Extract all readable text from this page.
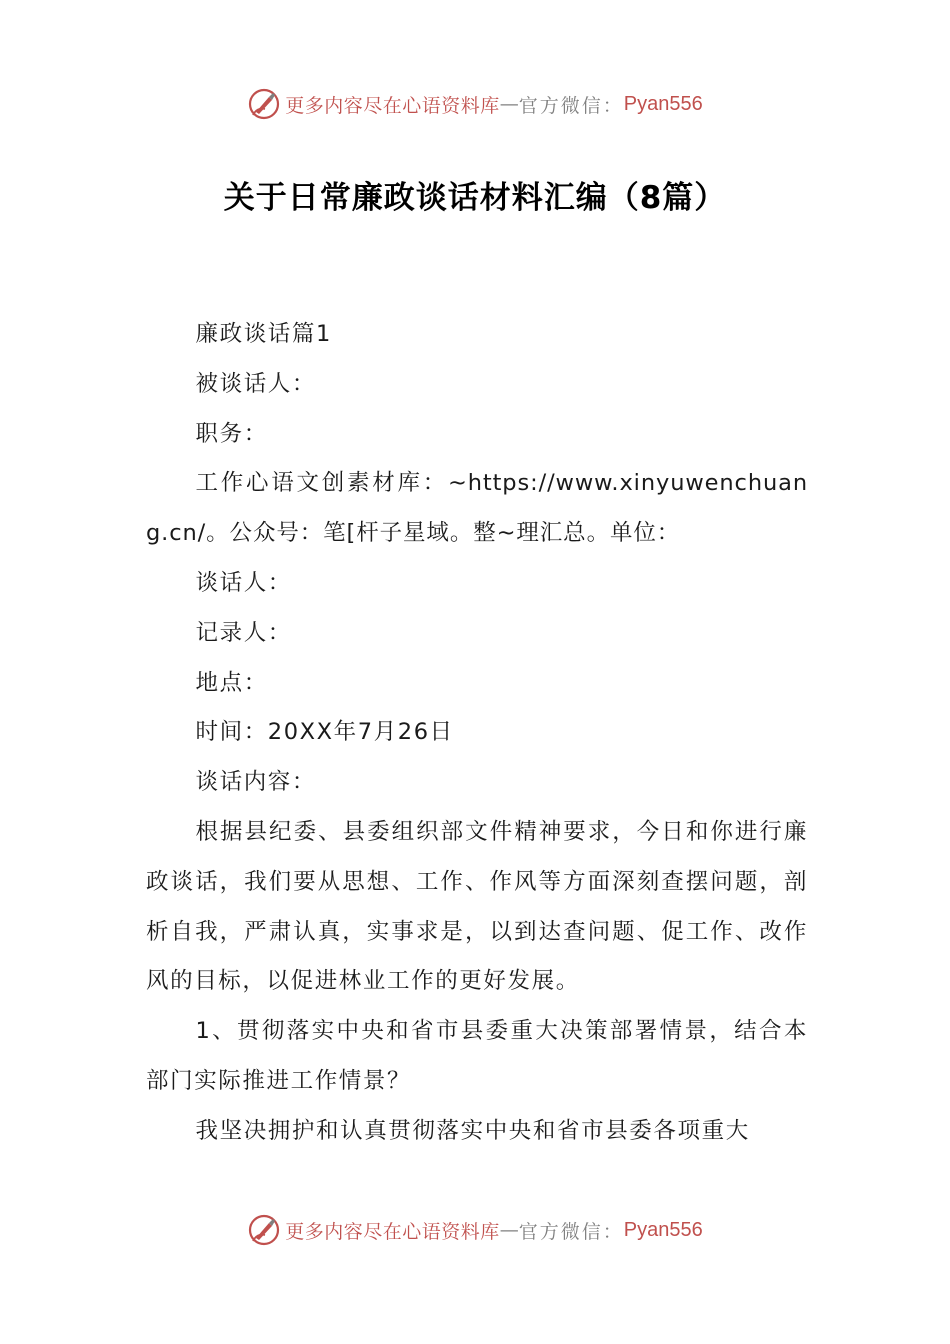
更多内容尽在心语资料库 — 官方微信： Pyan556
关于日常廉政谈话材料汇编（8篇）

廉政谈话篇1

被谈话人：

职务：

工作心语文创素材库：~https://www.xinyuwenchuang.cn/。公众号：笔[杆子星域。整~理汇总。单位：

谈话人：

记录人：

地点：

时间：20XX年7月26日

谈话内容：

根据县纪委、县委组织部文件精神要求，今日和你进行廉政谈话，我们要从思想、工作、作风等方面深刻查摆问题，剖析自我，严肃认真，实事求是，以到达查问题、促工作、改作风的目标，以促进林业工作的更好发展。

1、贯彻落实中央和省市县委重大决策部署情景，结合本部门实际推进工作情景？

我坚决拥护和认真贯彻落实中央和省市县委各项重大

更多内容尽在心语资料库 — 官方微信： Pyan556
